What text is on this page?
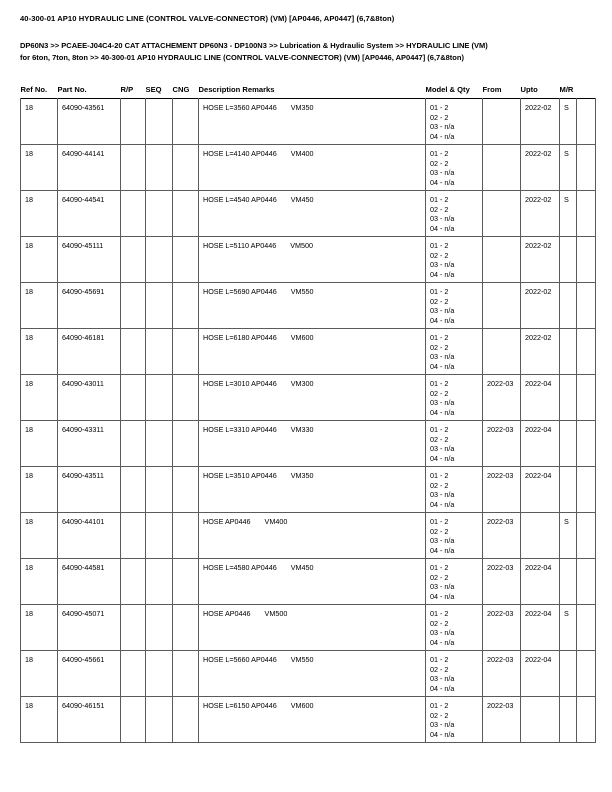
40-300-01 AP10 HYDRAULIC LINE (CONTROL VALVE-CONNECTOR) (VM) [AP0446, AP0447] (6,7&8ton)
DP60N3 >> PCAEE-J04C4-20 CAT ATTACHEMENT DP60N3 - DP100N3 >> Lubrication & Hydraulic System >> HYDRAULIC LINE (VM)
for 6ton, 7ton, 8ton >> 40-300-01 AP10 HYDRAULIC LINE (CONTROL VALVE-CONNECTOR) (VM) [AP0446, AP0447] (6,7&8ton)
Ref No.	Part No.	R/P	SEQ	CNG	Description Remarks	Model & Qty	From	Upto	M/R	
18	64090-43561				HOSE L=3560 AP0446 VM350	01 - 2
02 - 2
03 - n/a
04 - n/a		2022-02	S	
18	64090-44141				HOSE L=4140 AP0446 VM400	01 - 2
02 - 2
03 - n/a
04 - n/a		2022-02	S	
18	64090-44541				HOSE L=4540 AP0446 VM450	01 - 2
02 - 2
03 - n/a
04 - n/a		2022-02	S	
18	64090-45111				HOSE L=5110 AP0446 VM500	01 - 2
02 - 2
03 - n/a
04 - n/a		2022-02		
18	64090-45691				HOSE L=5690 AP0446 VM550	01 - 2
02 - 2
03 - n/a
04 - n/a		2022-02		
18	64090-46181				HOSE L=6180 AP0446 VM600	01 - 2
02 - 2
03 - n/a
04 - n/a		2022-02		
18	64090-43011				HOSE L=3010 AP0446 VM300	01 - 2
02 - 2
03 - n/a
04 - n/a	2022-03	2022-04		
18	64090-43311				HOSE L=3310 AP0446 VM330	01 - 2
02 - 2
03 - n/a
04 - n/a	2022-03	2022-04		
18	64090-43511				HOSE L=3510 AP0446 VM350	01 - 2
02 - 2
03 - n/a
04 - n/a	2022-03	2022-04		
18	64090-44101				HOSE AP0446 VM400	01 - 2
02 - 2
03 - n/a
04 - n/a	2022-03		S	
18	64090-44581				HOSE L=4580 AP0446 VM450	01 - 2
02 - 2
03 - n/a
04 - n/a	2022-03	2022-04		
18	64090-45071				HOSE AP0446 VM500	01 - 2
02 - 2
03 - n/a
04 - n/a	2022-03	2022-04	S	
18	64090-45661				HOSE L=5660 AP0446 VM550	01 - 2
02 - 2
03 - n/a
04 - n/a	2022-03	2022-04		
18	64090-46151				HOSE L=6150 AP0446 VM600	01 - 2
02 - 2
03 - n/a
04 - n/a	2022-03			
